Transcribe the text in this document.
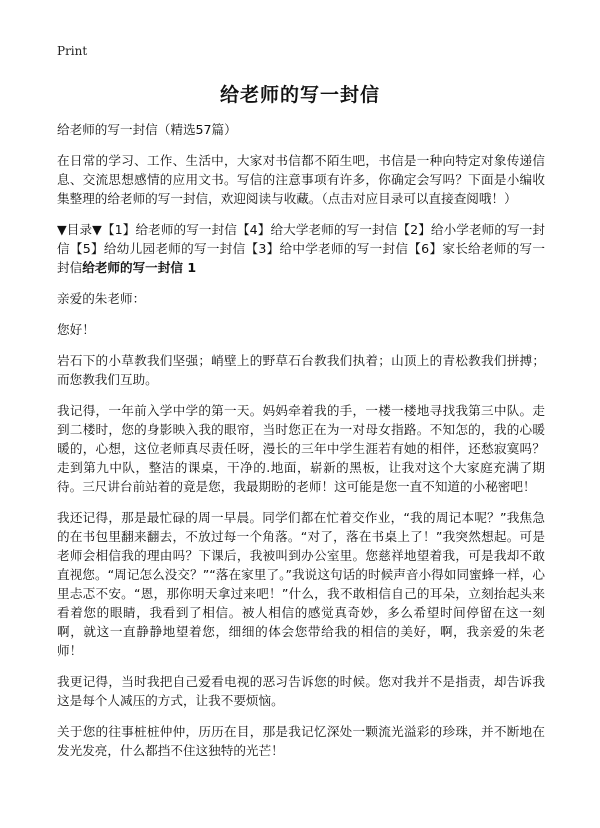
Print
给老师的写一封信

给老师的写一封信（精选57篇）

在日常的学习、工作、生活中，大家对书信都不陌生吧，书信是一种向特定对象传递信息、交流思想感情的应用文书。写信的注意事项有许多，你确定会写吗？下面是小编收集整理的给老师的写一封信，欢迎阅读与收藏。（点击对应目录可以直接查阅哦！）

▼目录▼【1】给老师的写一封信【4】给大学老师的写一封信【2】给小学老师的写一封信【5】给幼儿园老师的写一封信【3】给中学老师的写一封信【6】家长给老师的写一封信给老师的写一封信 1

亲爱的朱老师：

您好！

岩石下的小草教我们坚强；峭壁上的野草石台教我们执着；山顶上的青松教我们拼搏；而您教我们互助。

我记得，一年前入学中学的第一天。妈妈牵着我的手，一楼一楼地寻找我第三中队。走到二楼时，您的身影映入我的眼帘，当时您正在为一对母女指路。不知怎的，我的心暖暖的，心想，这位老师真尽责任呀，漫长的三年中学生涯若有她的相伴，还愁寂寞吗？走到第九中队，整洁的课桌，干净的.地面，崭新的黑板，让我对这个大家庭充满了期待。三尺讲台前站着的竟是您，我最期盼的老师！这可能是您一直不知道的小秘密吧！

我还记得，那是最忙碌的周一早晨。同学们都在忙着交作业，“我的周记本呢？”我焦急的在书包里翻来翻去，不放过每一个角落。“对了，落在书桌上了！”我突然想起。可是老师会相信我的理由吗？下课后，我被叫到办公室里。您慈祥地望着我，可是我却不敢直视您。“周记怎么没交？”“落在家里了。”我说这句话的时候声音小得如同蜜蜂一样，心里忐忑不安。“恩，那你明天拿过来吧！”什么，我不敢相信自己的耳朵，立刻抬起头来看着您的眼睛，我看到了相信。被人相信的感觉真奇妙，多么希望时间停留在这一刻啊，就这一直静静地望着您，细细的体会您带给我的相信的美好，啊，我亲爱的朱老师！

我更记得，当时我把自己爱看电视的恶习告诉您的时候。您对我并不是指责，却告诉我这是每个人减压的方式，让我不要烦恼。

关于您的往事桩桩仲仲，历历在目，那是我记忆深处一颗流光溢彩的珍珠，并不断地在发光发亮，什么都挡不住这独特的光芒！
